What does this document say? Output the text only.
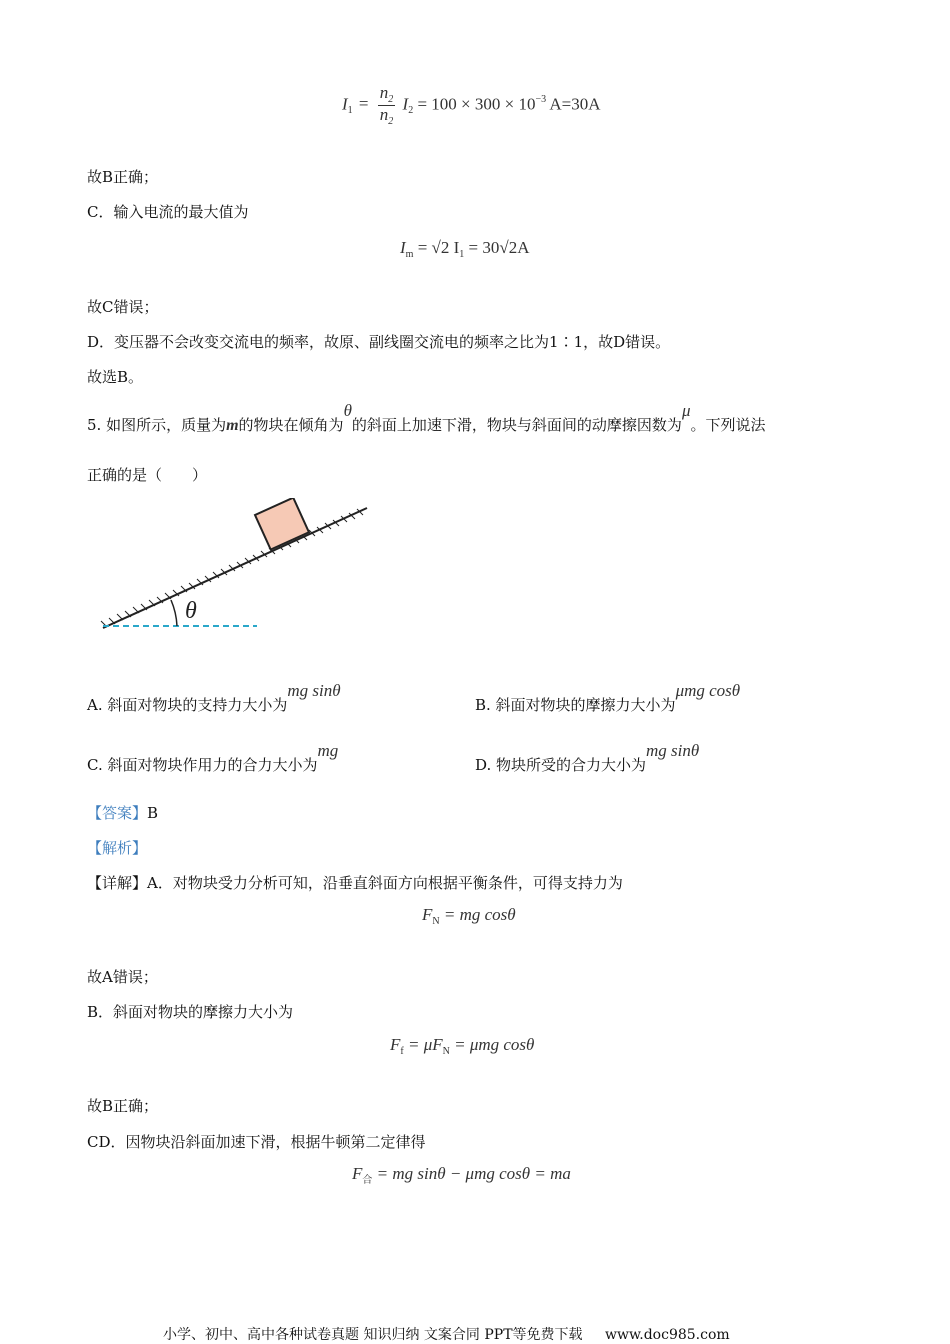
$I_1 = \frac{n_2}{n_2} I_2 = 100 \times 300 \times 10^{-3}$ A=30A
故B正确；
C．输入电流的最大值为
$I_m = √2$ $I_1 = 30√2A$
故C错误；
D．变压器不会改变交流电的频率，故原、副线圈交流电的频率之比为1∶1，故D错误。
故选B。
5. 如图所示，质量为m的物块在倾角为θ的斜面上加速下滑，物块与斜面间的动摩擦因数为μ。下列说法
正确的是（　　）
θ
A. 斜面对物块的支持力大小为mg sinθ
B. 斜面对物块的摩擦力大小为μmg cosθ
C. 斜面对物块作用力的合力大小为mg
D. 物块所受的合力大小为mg sinθ
【答案】B
【解析】
【详解】A．对物块受力分析可知，沿垂直斜面方向根据平衡条件，可得支持力为
$F_N$ = mg cosθ
故A错误；
B．斜面对物块的摩擦力大小为
$F_f = \mu F_N = \mu mg$ cosθ
故B正确；
CD．因物块沿斜面加速下滑，根据牛顿第二定律得
$F_合$ = mg sinθ − μmg cosθ = ma
小学、初中、高中各种试卷真题 知识归纳 文案合同 PPT等免费下载 www.doc985.com
